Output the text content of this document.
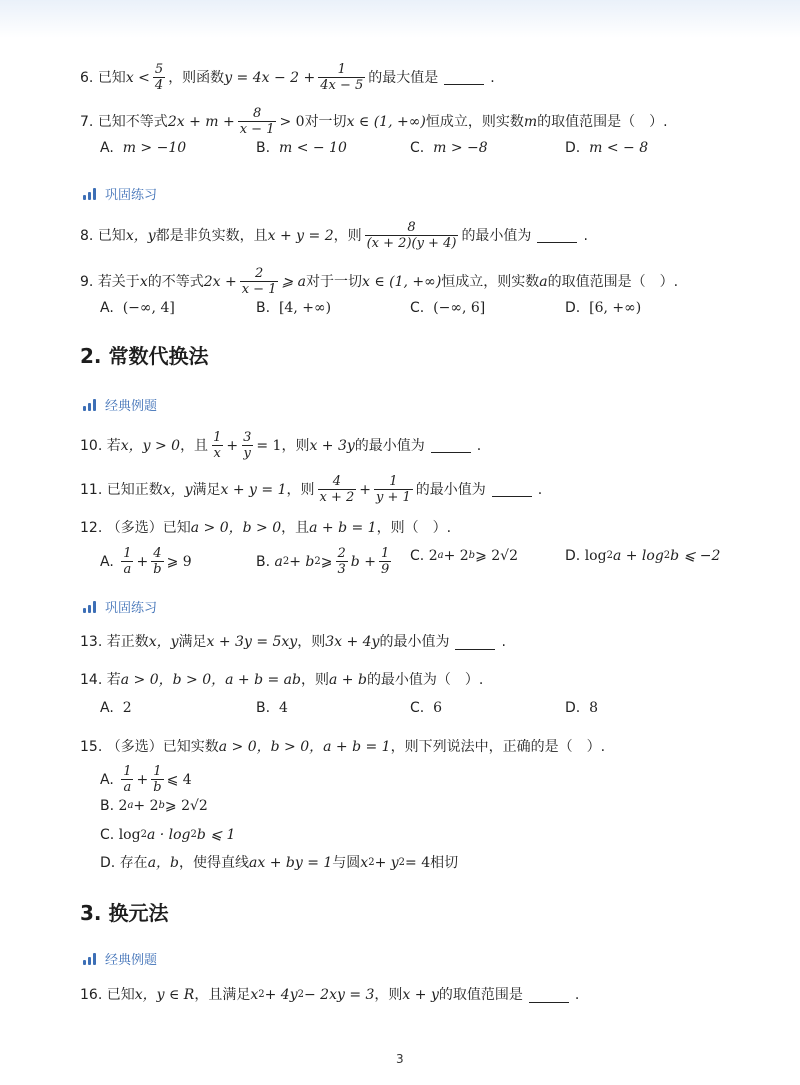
6.
已知 x
< $\frac{5}{4}$ ，则函数 $y = 4x - 2 + \frac{1}{4x - 5}$ 的最大值是	.
7.
已知不等式 $2x + m + \frac{8}{x - 1} > 0$ 对一切 x ∈ (1, +∞) 恒成立，则实数 m 的取值范围是（　）.
A.
m > −10	B.
m < − 10	C.
m > −8	D.
m < − 8
巩固练习
8.
已知 x，y 都是非负实数，且 x + y = 2 ，则 $\frac{8}{(x + 2)(y + 4)}$ 的最小值为	.
9.
若关于 x 的不等式 $2x + \frac{2}{x - 1}$ ⩾ a 对于一切 x ∈ (1, +∞) 恒成立，则实数 a 的取值范围是（　）.
A.
(−∞, 4]	B.
[4, +∞)	C.
(−∞, 6]	D.
[6, +∞)
2. 常数代换法
经典例题
10.
若 x，y > 0 ，且 $\frac{1}{x} + \frac{3}{y} = 1$ ，则 x + 3y 的最小值为	.
11.
已知正数 x，y 满足 x + y = 1 ，则 $\frac{4}{x + 2} + \frac{1}{y + 1}$ 的最小值为	.
12.
（多选）已知 a > 0，b > 0 ，且 a + b = 1 ，则（　）.
A.
$\frac{1}{a} + \frac{4}{b}$ ⩾ 9	B.
a 2 + b 2 ⩾ $\frac{2}{3}$ $b + \frac{1}{9} C$.
2 a + 2 b ⩾ 2√2	D.
log 2 a + log 2 b ⩽ −2
巩固练习
13.
若正数 x，y 满足 x + 3y = 5xy ，则 3x + 4y 的最小值为	.
14.
若 a > 0，b > 0，a + b = ab ，则 a + b 的最小值为（　）.
A.
2	B.
4	C.
6	D.
8
15.
（多选）已知实数 a > 0，b > 0，a + b = 1 ，则下列说法中，正确的是（　）.
A.
$\frac{1}{a} + \frac{1}{b}$ ⩽ 4
B.
2 a + 2 b ⩾ 2√2
C.
log 2 a · log 2 b ⩽ 1
D.
存在 a，b ，使得直线 ax + by = 1 与圆 x 2 + y 2 = 4 相切
3. 换元法
经典例题
16.
已知 x，y ∈ R ，且满足 x 2 + 4y 2 − 2xy = 3 ，则 x + y 的取值范围是	.
3
